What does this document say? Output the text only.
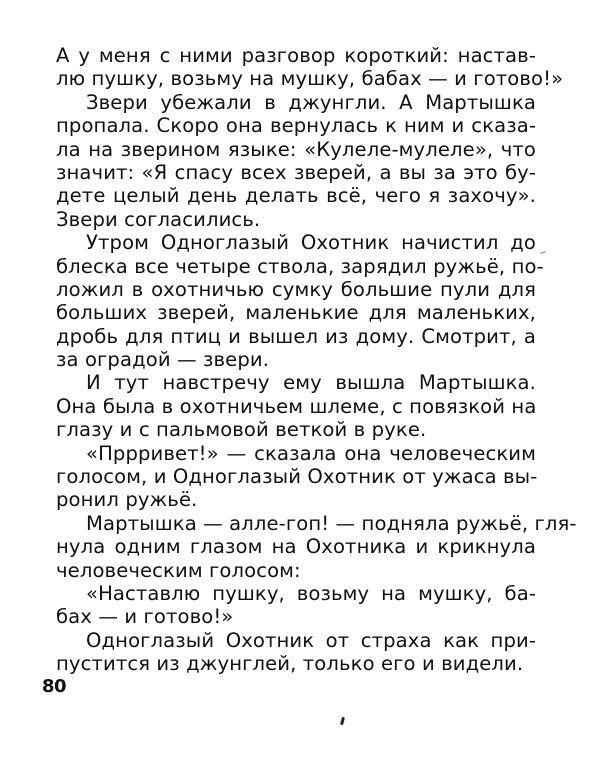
А у меня с ними разговор короткий: настав-
лю пушку, возьму на мушку, бабах — и готово!»
Звери убежали в джунгли. А Мартышка
пропала. Скоро она вернулась к ним и сказа-
ла на зверином языке: «Кулеле-мулеле», что
значит: «Я спасу всех зверей, а вы за это бу-
дете целый день делать всё, чего я захочу».
Звери согласились.
Утром Одноглазый Охотник начистил до
блеска все четыре ствола, зарядил ружьё, по-
ложил в охотничью сумку большие пули для
больших зверей, маленькие для маленьких,
дробь для птиц и вышел из дому. Смотрит, а
за оградой — звери.
И тут навстречу ему вышла Мартышка.
Она была в охотничьем шлеме, с повязкой на
глазу и с пальмовой веткой в руке.
«Пррривет!» — сказала она человеческим
голосом, и Одноглазый Охотник от ужаса вы-
ронил ружьё.
Мартышка — алле-гоп! — подняла ружьё, гля-
нула одним глазом на Охотника и крикнула
человеческим голосом:
«Наставлю пушку, возьму на мушку, ба-
бах — и готово!»
Одноглазый Охотник от страха как при-
пустится из джунглей, только его и видели.
80
